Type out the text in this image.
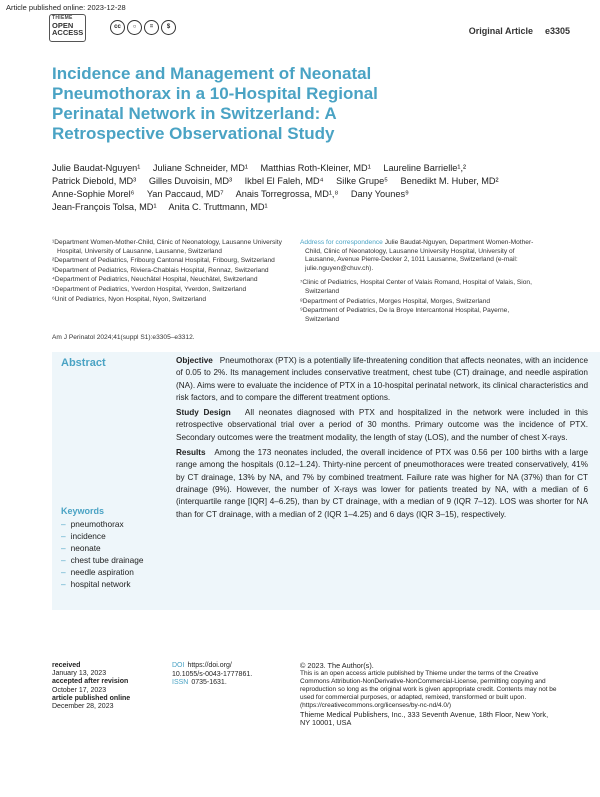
Article published online: 2023-12-28
THIEME
OPEN
ACCESS
cc	○	=	$	Original Article e3305
Incidence and Management of Neonatal Pneumothorax in a 10-Hospital Regional Perinatal Network in Switzerland: A Retrospective Observational Study
Julie Baudat-Nguyen¹ Juliane Schneider, MD¹ Matthias Roth-Kleiner, MD¹ Laureline Barrielle¹,²
Patrick Diebold, MD³ Gilles Duvoisin, MD³ Ikbel El Faleh, MD⁴ Silke Grupe⁵ Benedikt M. Huber, MD²
Anne-Sophie Morel⁶ Yan Paccaud, MD⁷ Anais Torregrossa, MD¹,⁸ Dany Younes⁹
Jean-François Tolsa, MD¹ Anita C. Truttmann, MD¹

¹Department Women-Mother-Child, Clinic of Neonatology, Lausanne University Hospital, University of Lausanne, Lausanne, Switzerland

²Department of Pediatrics, Fribourg Cantonal Hospital, Fribourg, Switzerland

³Department of Pediatrics, Riviera-Chablais Hospital, Rennaz, Switzerland

⁴Department of Pediatrics, Neuchâtel Hospital, Neuchâtel, Switzerland

⁵Department of Pediatrics, Yverdon Hospital, Yverdon, Switzerland

⁶Unit of Pediatrics, Nyon Hospital, Nyon, Switzerland

Address for correspondence Julie Baudat-Nguyen, Department Women-Mother-Child, Clinic of Neonatology, Lausanne University Hospital, University of Lausanne, Avenue Pierre-Decker 2, 1011 Lausanne, Switzerland (e-mail: julie.nguyen@chuv.ch).

⁷Clinic of Pediatrics, Hospital Center of Valais Romand, Hospital of Valais, Sion, Switzerland

⁸Department of Pediatrics, Morges Hospital, Morges, Switzerland

⁹Department of Pediatrics, De la Broye Intercantonal Hospital, Payerne, Switzerland

Am J Perinatol 2024;41(suppl S1):e3305–e3312.
Abstract
Keywords
– pneumothorax
– incidence
– neonate
– chest tube drainage
– needle aspiration
– hospital network

Objective Pneumothorax (PTX) is a potentially life-threatening condition that affects neonates, with an incidence of 0.05 to 2%. Its management includes conservative treatment, chest tube (CT) drainage, and needle aspiration (NA). Aims were to evaluate the incidence of PTX in a 10-hospital perinatal network, its clinical characteristics and risk factors, and to compare the different treatment options.

Study Design All neonates diagnosed with PTX and hospitalized in the network were included in this retrospective observational trial over a period of 30 months. Primary outcome was the incidence of PTX. Secondary outcomes were the treatment modality, the length of stay (LOS), and the number of chest X-rays.

Results Among the 173 neonates included, the overall incidence of PTX was 0.56 per 100 births with a large range among the hospitals (0.12–1.24). Thirty-nine percent of pneumothoraces were treated conservatively, 41% by CT drainage, 13% by NA, and 7% by combined treatment. Failure rate was higher for NA (37%) than for CT drainage (9%). However, the number of X-rays was lower for patients treated by NA, with a median of 6 (interquartile range [IQR] 4–6.25), than by CT drainage, with a median of 9 (IQR 7–12). LOS was shorter for NA than for CT drainage, with a median of 2 (IQR 1–4.25) and 6 days (IQR 3–15), respectively.

received
January 13, 2023
accepted after revision
October 17, 2023
article published online
December 28, 2023
DOI https://doi.org/
10.1055/s-0043-1777861.
ISSN 0735-1631.
© 2023. The Author(s).
This is an open access article published by Thieme under the terms of the Creative Commons Attribution-NonDerivative-NonCommercial-License, permitting copying and reproduction so long as the original work is given appropriate credit. Contents may not be used for commercial purposes, or adapted, remixed, transformed or built upon. (https://creativecommons.org/licenses/by-nc-nd/4.0/)
Thieme Medical Publishers, Inc., 333 Seventh Avenue, 18th Floor, New York, NY 10001, USA
